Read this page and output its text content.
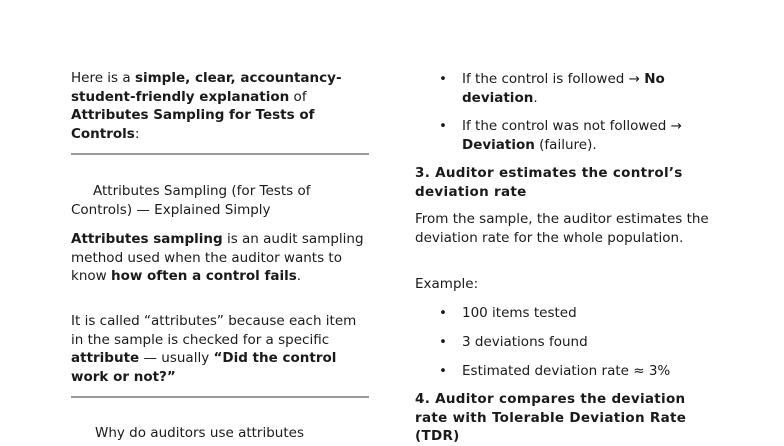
Here is a simple, clear, accountancy-student-friendly explanation of Attributes Sampling for Tests of Controls:

Attributes Sampling (for Tests of Controls) — Explained Simply

Attributes sampling is an audit sampling method used when the auditor wants to know how often a control fails.

It is called “attributes” because each item in the sample is checked for a specific attribute — usually “Did the control work or not?”

Why do auditors use attributes

• If the control is followed → No deviation.
• If the control was not followed → Deviation (failure).

3. Auditor estimates the control’s deviation rate

From the sample, the auditor estimates the deviation rate for the whole population.

Example:

• 100 items tested
• 3 deviations found
• Estimated deviation rate ≈ 3%

4. Auditor compares the deviation rate with Tolerable Deviation Rate (TDR)
